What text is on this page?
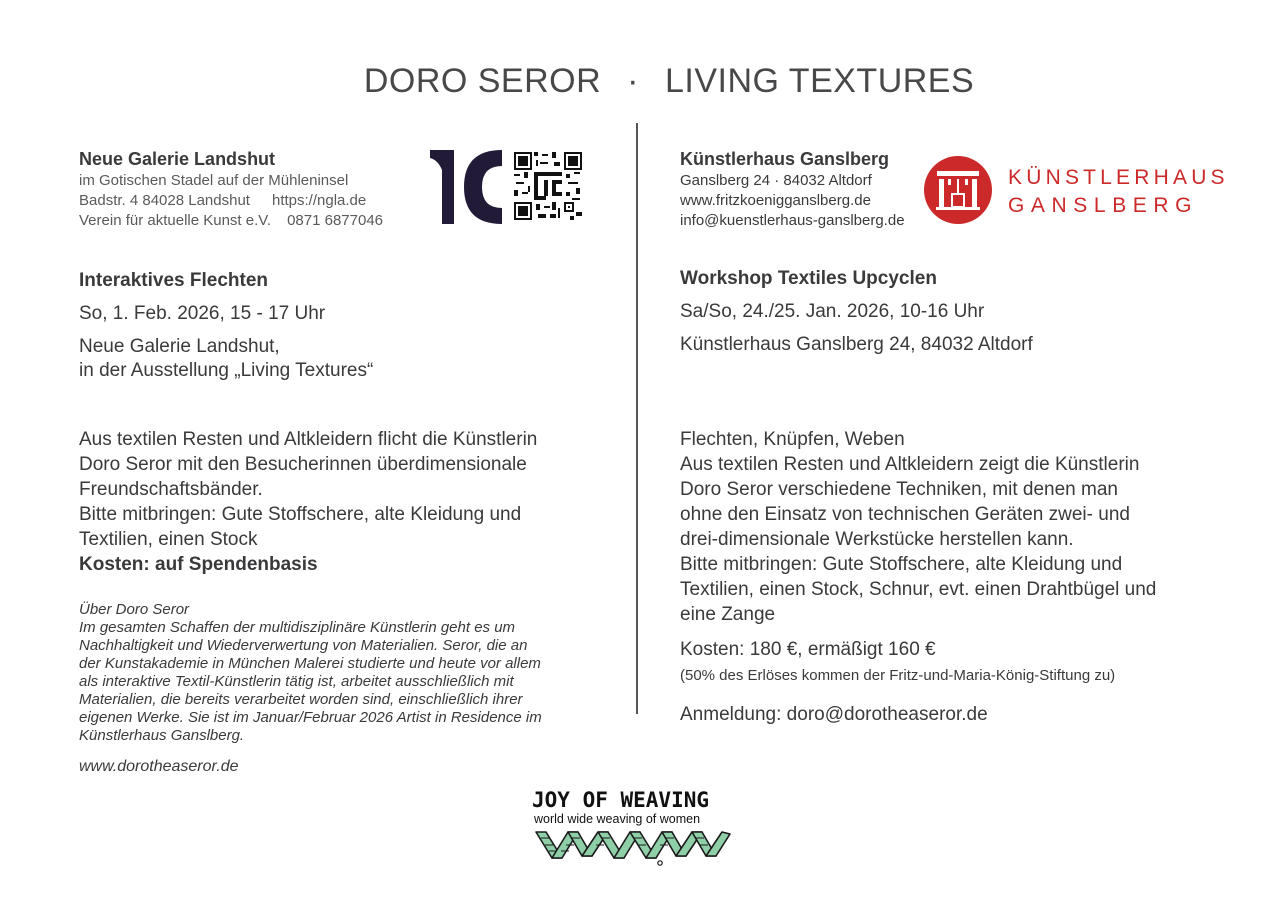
DORO SEROR · LIVING TEXTURES
Neue Galerie Landshut
im Gotischen Stadel auf der Mühleninsel
Badstr. 4 84028 Landshut https://ngla.de
Verein für aktuelle Kunst e.V. 0871 6877046
Interaktives Flechten
So, 1. Feb. 2026, 15 - 17 Uhr
Neue Galerie Landshut,
in der Ausstellung „Living Textures“
Aus textilen Resten und Altkleidern flicht die Künstlerin
Doro Seror mit den Besucherinnen überdimensionale
Freundschaftsbänder.
Bitte mitbringen: Gute Stoffschere, alte Kleidung und
Textilien, einen Stock
Kosten: auf Spendenbasis
Über Doro Seror
Im gesamten Schaffen der multidisziplinäre Künstlerin geht es um
Nachhaltigkeit und Wiederverwertung von Materialien. Seror, die an
der Kunstakademie in München Malerei studierte und heute vor allem
als interaktive Textil-Künstlerin tätig ist, arbeitet ausschließlich mit
Materialien, die bereits verarbeitet worden sind, einschließlich ihrer
eigenen Werke. Sie ist im Januar/Februar 2026 Artist in Residence im
Künstlerhaus Ganslberg.
www.dorotheaseror.de
Künstlerhaus Ganslberg
Ganslberg 24 · 84032 Altdorf
www.fritzkoenigganslberg.de
info@kuenstlerhaus-ganslberg.de
KÜNSTLERHAUS
GANSLBERG
Workshop Textiles Upcyclen
Sa/So, 24./25. Jan. 2026, 10-16 Uhr
Künstlerhaus Ganslberg 24, 84032 Altdorf
Flechten, Knüpfen, Weben
Aus textilen Resten und Altkleidern zeigt die Künstlerin
Doro Seror verschiedene Techniken, mit denen man
ohne den Einsatz von technischen Geräten zwei- und
drei-dimensionale Werkstücke herstellen kann.
Bitte mitbringen: Gute Stoffschere, alte Kleidung und
Textilien, einen Stock, Schnur, evt. einen Drahtbügel und
eine Zange
Kosten: 180 €, ermäßigt 160 €
(50% des Erlöses kommen der Fritz-und-Maria-König-Stiftung zu)
Anmeldung: doro@dorotheaseror.de
JOY OF WEAVING
world wide weaving of women
